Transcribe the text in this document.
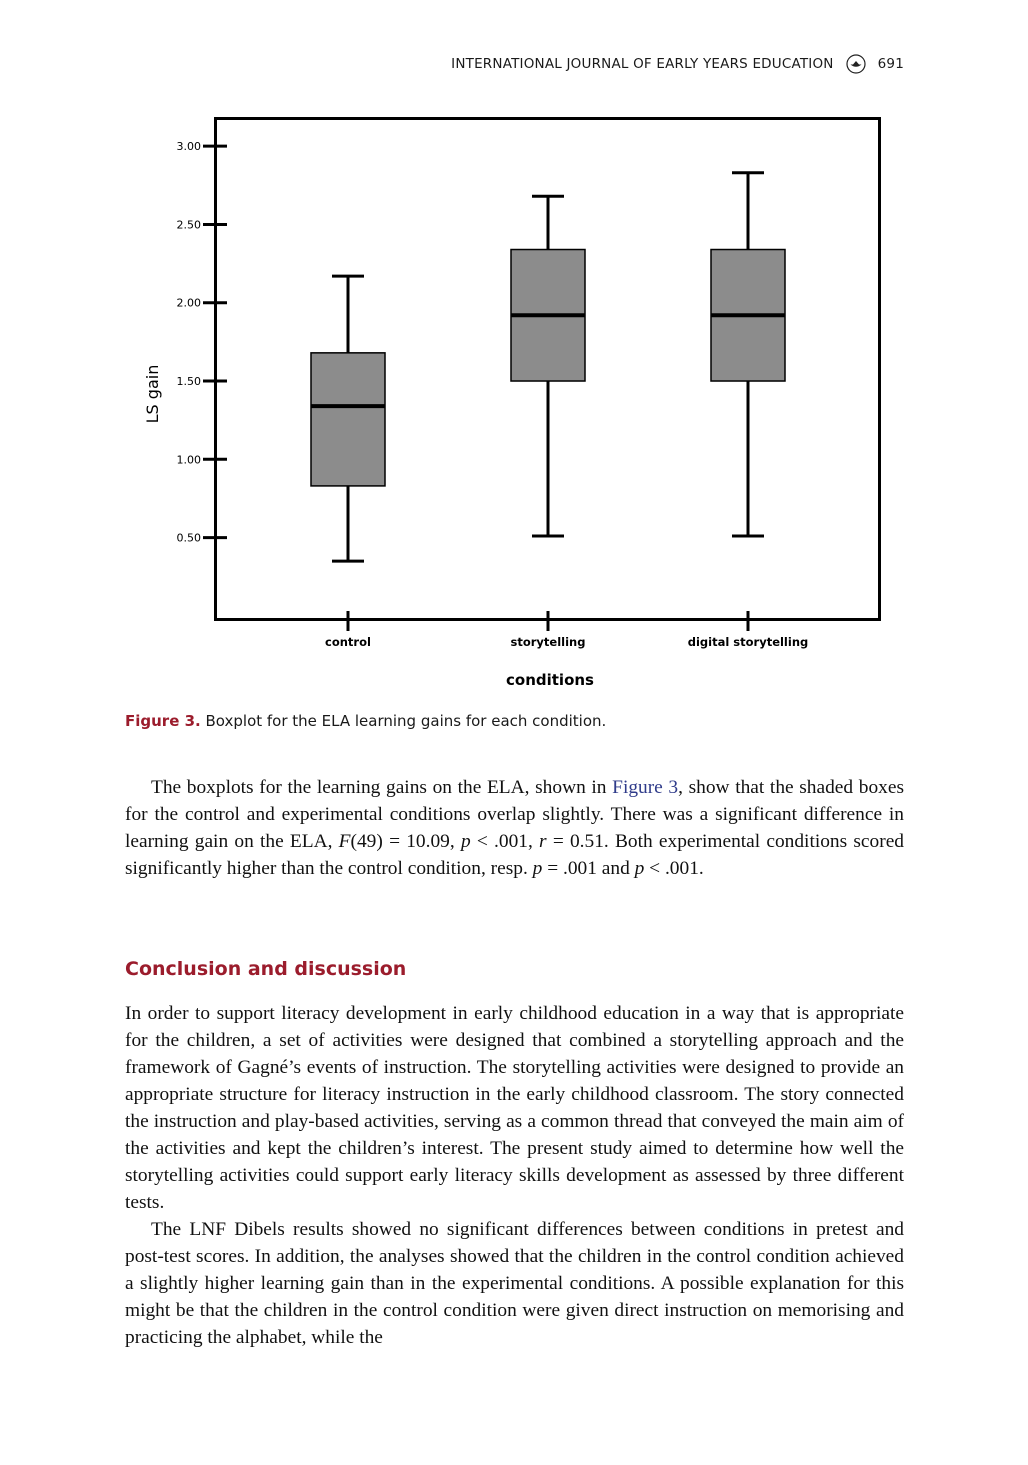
INTERNATIONAL JOURNAL OF EARLY YEARS EDUCATION	691
0.50
1.00
1.50
2.00
2.50
3.00
control	storytelling	digital storytelling
LS gain
conditions
Figure 3. Boxplot for the ELA learning gains for each condition.

The boxplots for the learning gains on the ELA, shown in Figure 3, show that the shaded boxes for the control and experimental conditions overlap slightly. There was a significant difference in learning gain on the ELA, F(49) = 10.09, p < .001, r = 0.51. Both experimental conditions scored significantly higher than the control condition, resp. p = .001 and p < .001.

Conclusion and discussion

In order to support literacy development in early childhood education in a way that is appropriate for the children, a set of activities were designed that combined a storytelling approach and the framework of Gagné’s events of instruction. The storytelling activities were designed to provide an appropriate structure for literacy instruction in the early childhood classroom. The story connected the instruction and play-based activities, serving as a common thread that conveyed the main aim of the activities and kept the children’s interest. The present study aimed to determine how well the storytelling activities could support early literacy skills development as assessed by three different tests.

The LNF Dibels results showed no significant differences between conditions in pretest and post-test scores. In addition, the analyses showed that the children in the control condition achieved a slightly higher learning gain than in the experimental conditions. A possible explanation for this might be that the children in the control condition were given direct instruction on memorising and practicing the alphabet, while the
